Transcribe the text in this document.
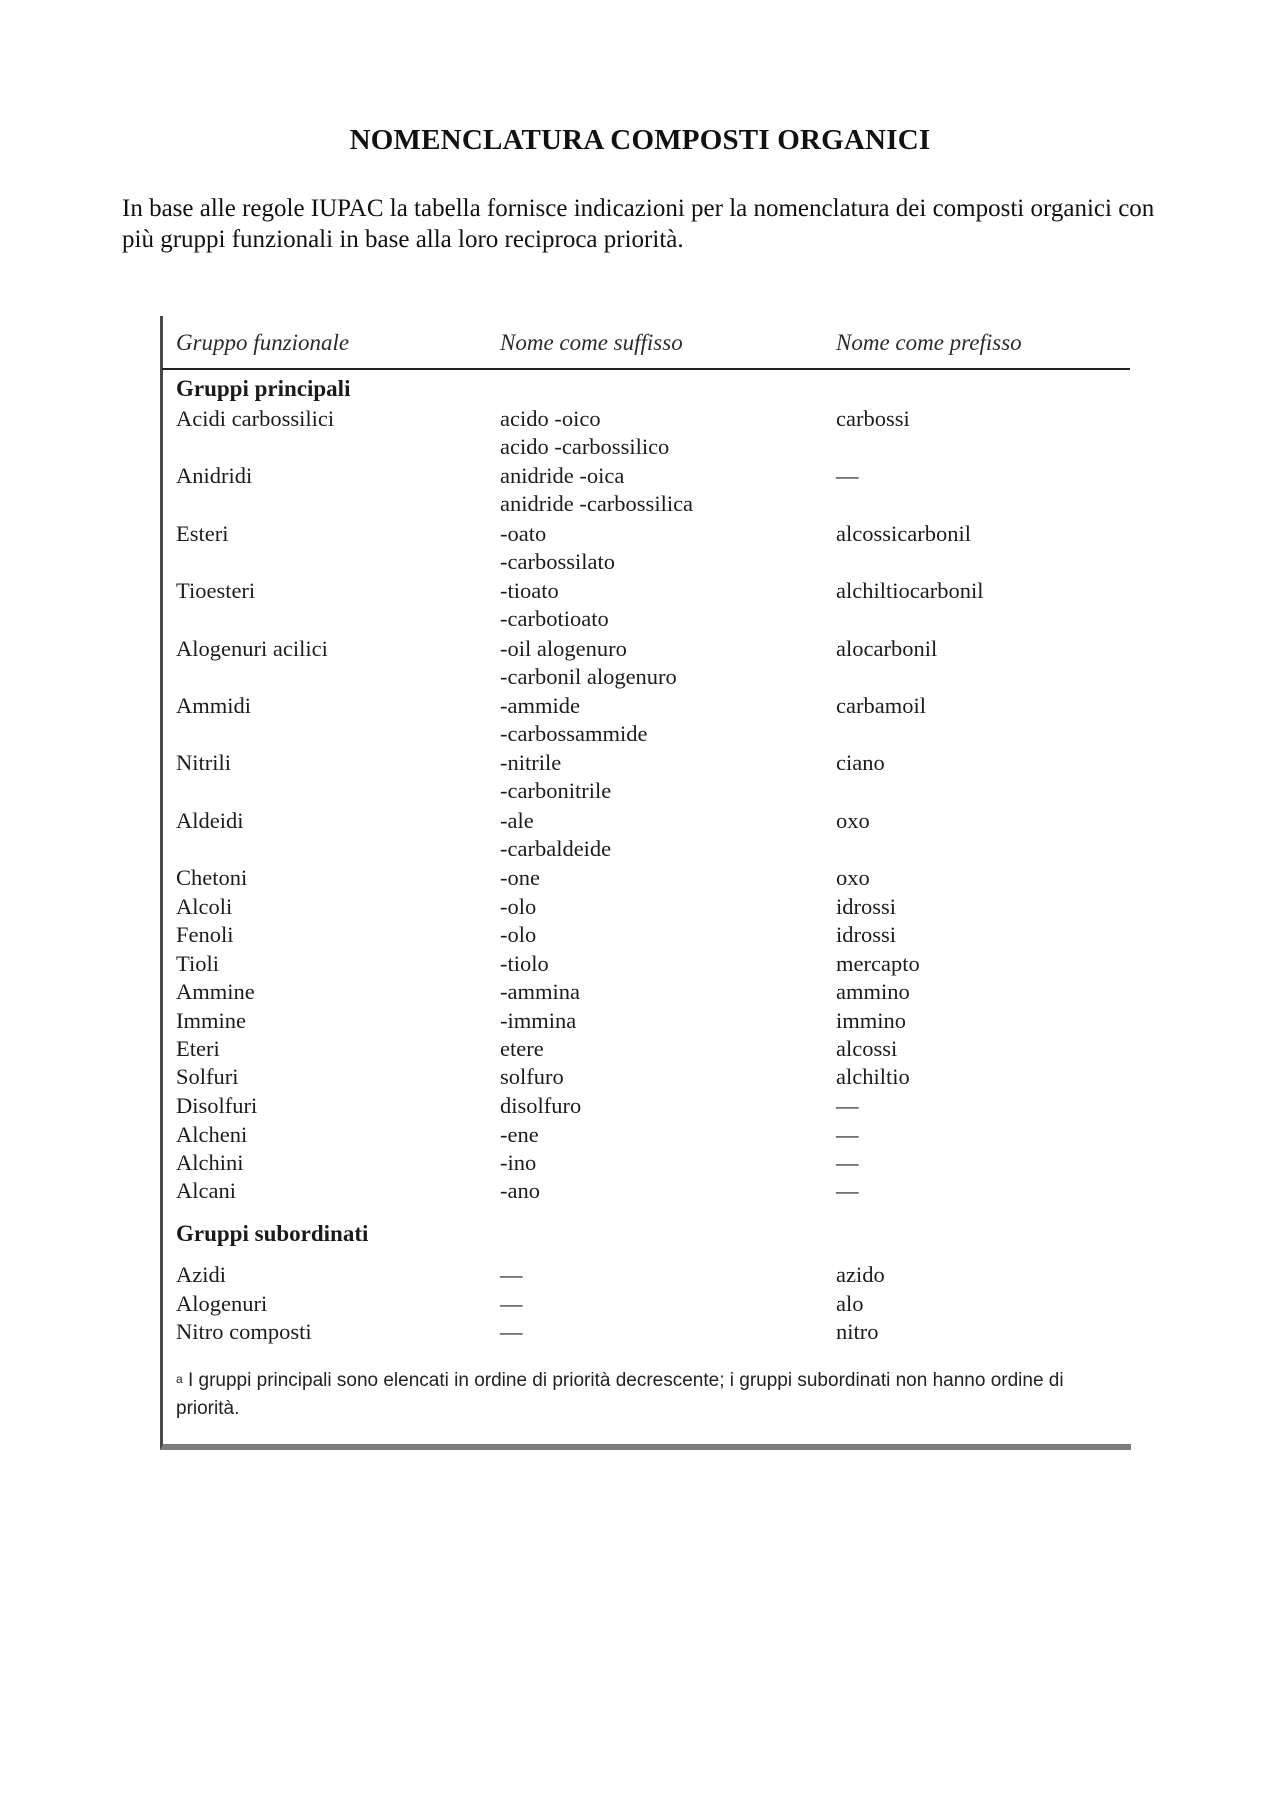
NOMENCLATURA COMPOSTI ORGANICI
In base alle regole IUPAC la tabella fornisce indicazioni per la nomenclatura dei composti organici con più gruppi funzionali in base alla loro reciproca priorità.
Gruppo funzionale	Nome come suffisso	Nome come prefisso
Gruppi principali
Acidi carbossilici	acido -oico	carbossi
acido -carbossilico
Anidridi	anidride -oica	—
anidride -carbossilica
Esteri	-oato	alcossicarbonil
-carbossilato
Tioesteri	-tioato	alchiltiocarbonil
-carbotioato
Alogenuri acilici	-oil alogenuro	alocarbonil
-carbonil alogenuro
Ammidi	-ammide	carbamoil
-carbossammide
Nitrili	-nitrile	ciano
-carbonitrile
Aldeidi	-ale	oxo
-carbaldeide
Chetoni	-one	oxo
Alcoli	-olo	idrossi
Fenoli	-olo	idrossi
Tioli	-tiolo	mercapto
Ammine	-ammina	ammino
Immine	-immina	immino
Eteri	etere	alcossi
Solfuri	solfuro	alchiltio
Disolfuri	disolfuro	—
Alcheni	-ene	—
Alchini	-ino	—
Alcani	-ano	—
Gruppi subordinati
Azidi	—	azido
Alogenuri	—	alo
Nitro composti	—	nitro
$^a$ I gruppi principali sono elencati in ordine di priorità decrescente; i gruppi subordinati non hanno ordine di priorità.
